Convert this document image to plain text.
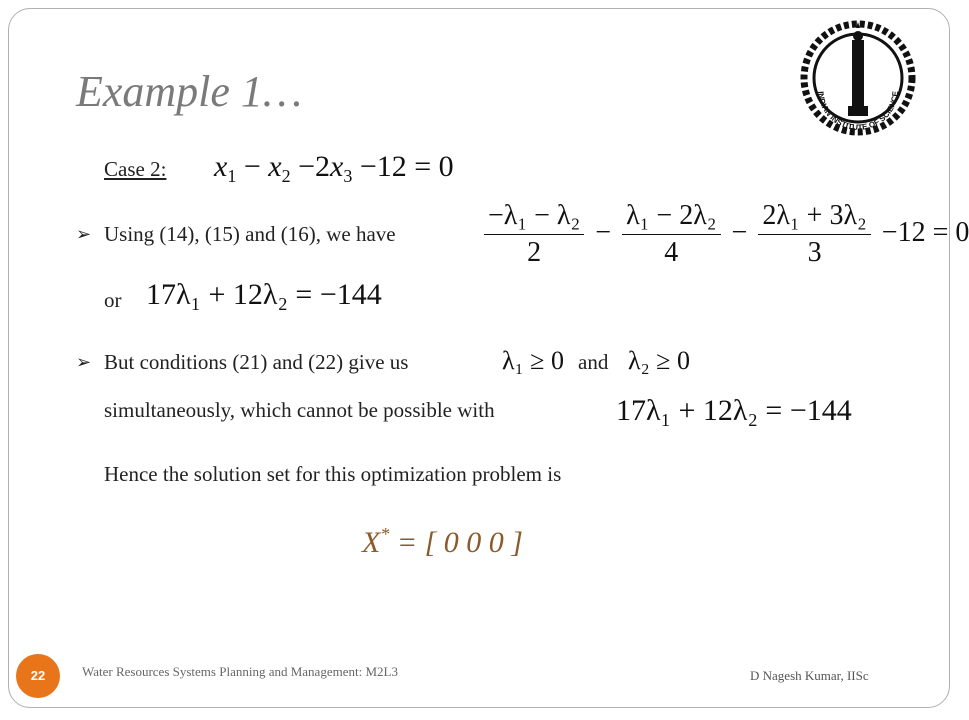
Example 1…	INDIAN INSTITUTE OF SCIENCE
Case 2: $x_1 - x_2 -2x_3 -12 = 0$
➢ Using (14), (15) and (16), we have	$\frac{\text{−λ₁ − λ₂}}{2} - \frac{\text{λ₁ − 2λ₂}}{4} - \frac{\text{2λ₁ + 3λ₂}}{3} -12 = 0$
or 17λ₁ + 12λ₂ = −144
➢ But conditions (21) and (22) give us	λ₁ ≥ 0 and λ₂ ≥ 0
simultaneously, which cannot be possible with	17λ₁ + 12λ₂ = −144
Hence the solution set for this optimization problem is
X* = [ 0 0 0 ]
22	Water Resources Systems Planning and Management: M2L3	D Nagesh Kumar, IISc
